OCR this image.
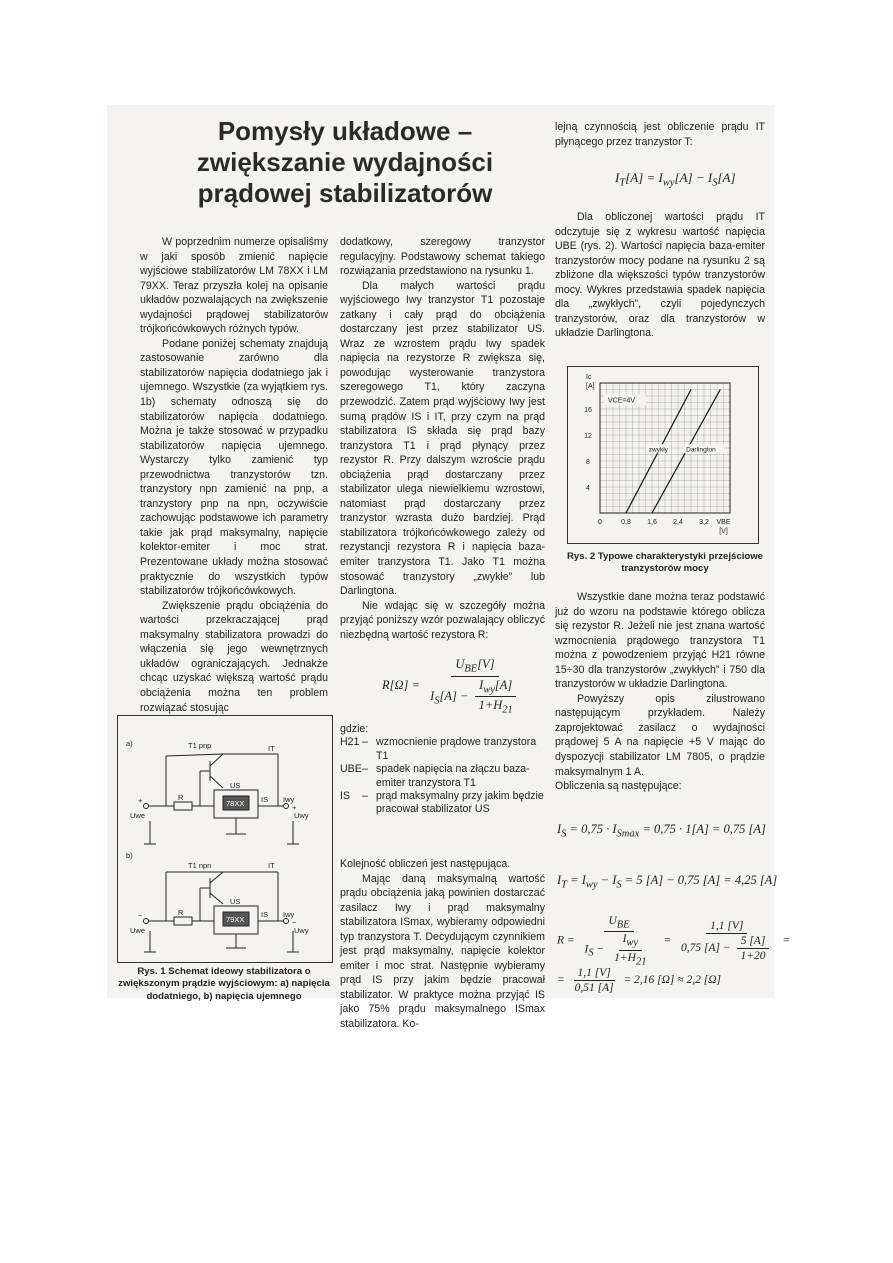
Pomysły układowe –
zwiększanie wydajności
prądowej stabilizatorów

W poprzednim numerze opisaliśmy w jaki sposób zmienić napięcie wyjściowe stabilizatorów LM 78XX i LM 79XX. Teraz przyszła kolej na opisanie układów pozwalających na zwiększenie wydajności prądowej stabilizatorów trójkońcówkowych różnych typów.

Podane poniżej schematy znajdują zastosowanie zarówno dla stabilizatorów napięcia dodatniego jak i ujemnego. Wszystkie (za wyjątkiem rys. 1b) schematy odnoszą się do stabilizatorów napięcia dodatniego. Można je także stosować w przypadku stabilizatorów napięcia ujemnego. Wystarczy tylko zamienić typ przewodnictwa tranzystorów tzn. tranzystory npn zamienić na pnp, a tranzystory pnp na npn, oczywiście zachowując podstawowe ich parametry takie jak prąd maksymalny, napięcie kolektor-emiter i moc strat. Prezentowane układy można stosować praktycznie do wszystkich typów stabilizatorów trójkońcówkowych.

Zwiększenie prądu obciążenia do wartości przekraczającej prąd maksymalny stabilizatora prowadzi do włączenia się jego wewnętrznych układów ograniczających. Jednakże chcąc uzyskać większą wartość prądu obciążenia można ten problem rozwiązać stosując

a)	T1 pnp
US
78XX
R
IT
IS Iwy
+
+
Uwe	Uwy
b)
T1 npn
US
79XX
R
IT
IS Iwy
−
−
Uwe	Uwy
Rys. 1 Schemat ideowy stabilizatora o zwiększonym prądzie wyjściowym: a) napięcia dodatniego, b) napięcia ujemnego

dodatkowy, szeregowy tranzystor regulacyjny. Podstawowy schemat takiego rozwiązania przedstawiono na rysunku 1.

Dla małych wartości prądu wyjściowego Iwy tranzystor T1 pozostaje zatkany i cały prąd do obciążenia dostarczany jest przez stabilizator US. Wraz ze wzrostem prądu Iwy spadek napięcia na rezystorze R zwiększa się, powodując wysterowanie tranzystora szeregowego T1, który zaczyna przewodzić. Zatem prąd wyjściowy Iwy jest sumą prądów IS i IT, przy czym na prąd stabilizatora IS składa się prąd bazy tranzystora T1 i prąd płynący przez rezystor R. Przy dalszym wzroście prądu obciążenia prąd dostarczany przez stabilizator ulega niewielkiemu wzrostowi, natomiast prąd dostarczany przez tranzystor wzrasta dużo bardziej. Prąd stabilizatora trójkońcówkowego zależy od rezystancji rezystora R i napięcia baza-emiter tranzystora T1. Jako T1 można stosować tranzystory „zwykłe” lub Darlingtona.

Nie wdając się w szczegóły można przyjąć poniższy wzór pozwalający obliczyć niezbędną wartość rezystora R:

$R[\Omega] = \frac{U_{BE}[V]}{I_S[A] - \frac{I_{wy}[A]}{1+H_{21}}}$
gdzie:
H21 – wzmocnienie prądowe tranzystora T1
UBE – spadek napięcia na złączu baza-emiter tranzystora T1
IS	– prąd maksymalny przy jakim będzie pracował stabilizator US

Kolejność obliczeń jest następująca.

Mając daną maksymalną wartość prądu obciążenia jaką powinien dostarczać zasilacz Iwy i prąd maksymalny stabilizatora ISmax, wybieramy odpowiedni typ tranzystora T. Decydującym czynnikiem jest prąd maksymalny, napięcie kolektor emiter i moc strat. Następnie wybieramy prąd IS przy jakim będzie pracował stabilizator. W praktyce można przyjąć IS jako 75% prądu maksymalnego ISmax stabilizatora. Ko-

lejną czynnością jest obliczenie prądu IT płynącego przez tranzystor T:

$I_T[A] = I_{wy}[A] - I_S[A]$

Dla obliczonej wartości prądu IT odczytuje się z wykresu wartość napięcia UBE (rys. 2). Wartości napięcia baza-emiter tranzystorów mocy podane na rysunku 2 są zbliżone dla większości typów tranzystorów mocy. Wykres przedstawia spadek napięcia dla „zwykłych”, czyli pojedynczych tranzystorów, oraz dla tranzystorów w układzie Darlingtona.

4
8
12
16
0	0,8 1,6 2,4 3,2 VBE
[V]
Ic
[A]
VCE=4V
zwykły	Darlington
Rys. 2 Typowe charakterystyki przejściowe tranzystorów mocy

Wszystkie dane można teraz podstawić już do wzoru na podstawie którego oblicza się rezystor R. Jeżeli nie jest znana wartość wzmocnienia prądowego tranzystora T1 można z powodzeniem przyjąć H21 równe 15÷30 dla tranzystorów „zwykłych” i 750 dla tranzystorów w układzie Darlingtona.

Powyższy opis zilustrowano następującym przykładem. Należy zaprojektować zasilacz o wydajności prądowej 5 A na napięcie +5 V mając do dyspozycji stabilizator LM 7805, o prądzie maksymalnym 1 A.

Obliczenia są następujące:

$I_S = 0,75 \cdot I_{Smax} = 0,75 \cdot 1[A] = 0,75$ [A]
$I_T = I_{wy} - I_S = 5$ [A] − 0,75 [A] = 4,25 [A]
$R = \frac{U_{BE}}{I_S - \frac{I_{wy}}{1+H_{21}}} = \frac{1,1 [V]}{0,75 [A] - \frac{5 [A]}{1+20}}$ =
= $\frac{1,1 [V]}{0,51 [A]} = 2,16$ [Ω] ≈ 2,2 [Ω]
